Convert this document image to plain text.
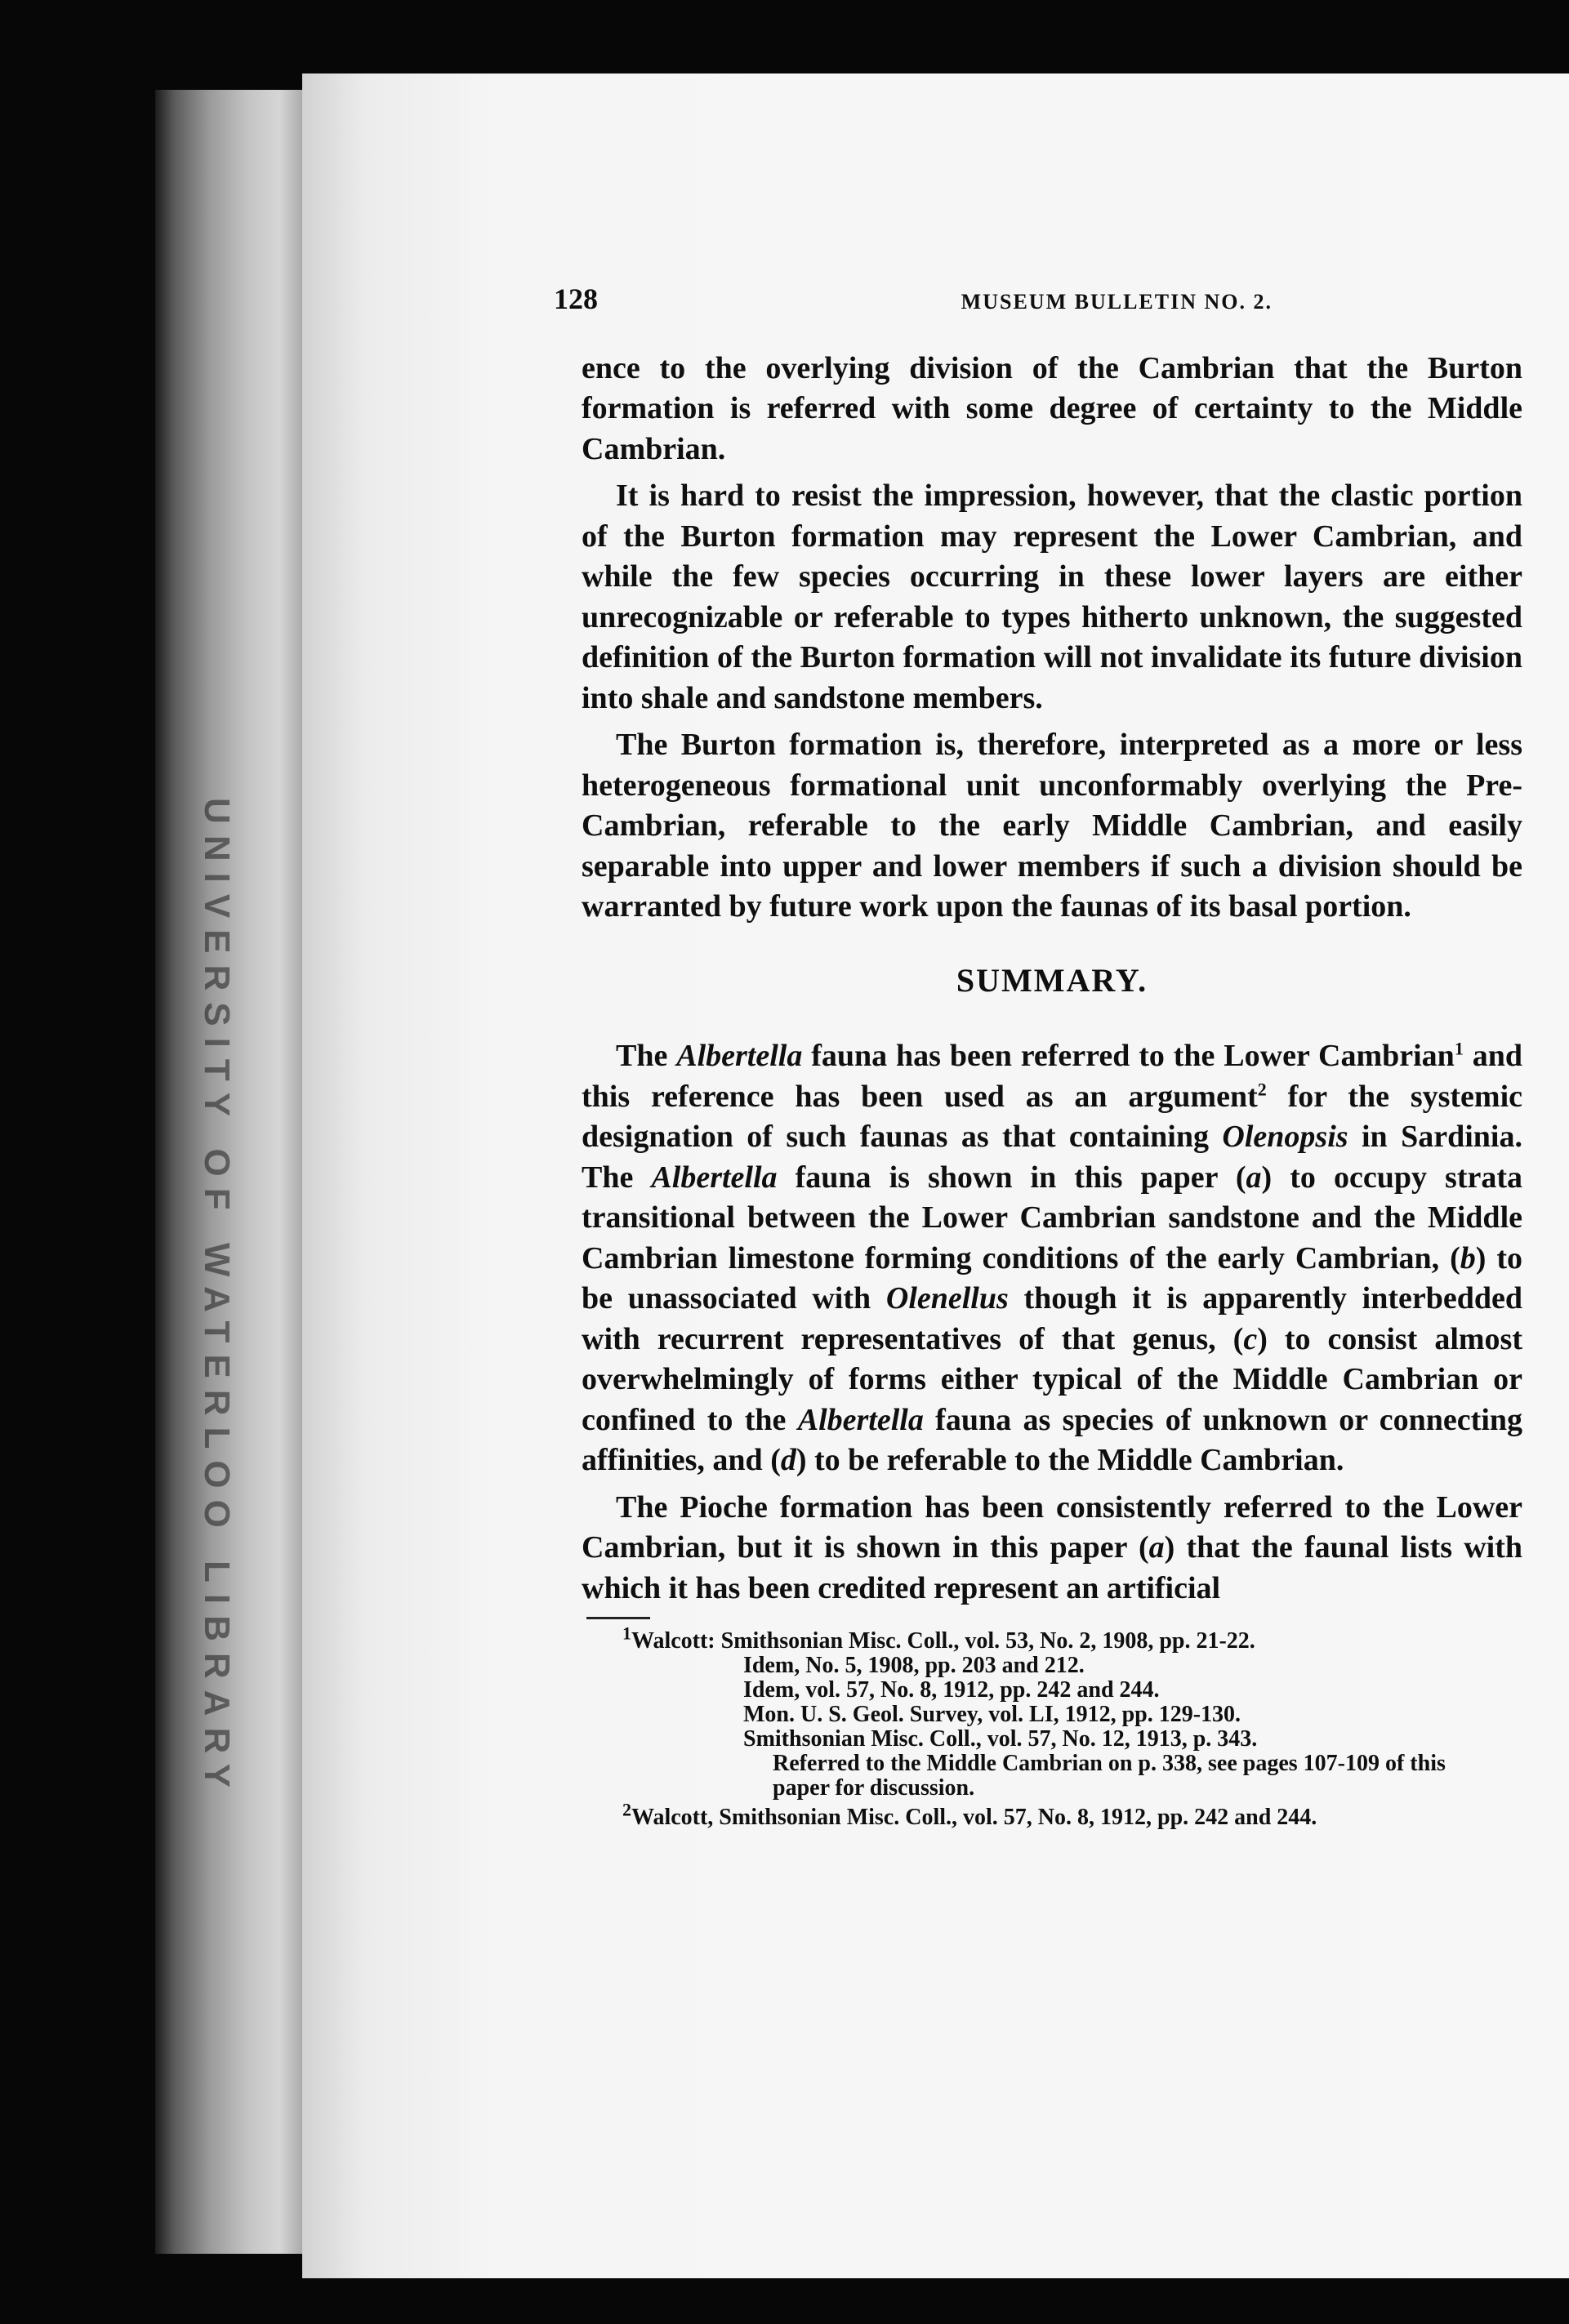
UNIVERSITY OF WATERLOO LIBRARY
128	MUSEUM BULLETIN NO. 2.

ence to the overlying division of the Cambrian that the Burton formation is referred with some degree of certainty to the Middle Cambrian.

It is hard to resist the impression, however, that the clastic portion of the Burton formation may represent the Lower Cambrian, and while the few species occurring in these lower layers are either unrecognizable or referable to types hitherto unknown, the suggested definition of the Burton formation will not invalidate its future division into shale and sandstone members.

The Burton formation is, therefore, interpreted as a more or less heterogeneous formational unit unconformably overlying the Pre-Cambrian, referable to the early Middle Cambrian, and easily separable into upper and lower members if such a division should be warranted by future work upon the faunas of its basal portion.

SUMMARY.

The Albertella fauna has been referred to the Lower Cambrian$^1$ and this reference has been used as an argument$^2$ for the systemic designation of such faunas as that containing Olenopsis in Sardinia. The Albertella fauna is shown in this paper (a) to occupy strata transitional between the Lower Cambrian sandstone and the Middle Cambrian limestone forming conditions of the early Cambrian, (b) to be unassociated with Olenellus though it is apparently interbedded with recurrent representatives of that genus, (c) to consist almost overwhelmingly of forms either typical of the Middle Cambrian or confined to the Albertella fauna as species of unknown or connecting affinities, and (d) to be referable to the Middle Cambrian.

The Pioche formation has been consistently referred to the Lower Cambrian, but it is shown in this paper (a) that the faunal lists with which it has been credited represent an artificial

$^1$Walcott: Smithsonian Misc. Coll., vol. 53, No. 2, 1908, pp. 21-22.
Idem, No. 5, 1908, pp. 203 and 212.
Idem, vol. 57, No. 8, 1912, pp. 242 and 244.
Mon. U. S. Geol. Survey, vol. LI, 1912, pp. 129-130.
Smithsonian Misc. Coll., vol. 57, No. 12, 1913, p. 343.
Referred to the Middle Cambrian on p. 338, see pages 107-109 of this paper for discussion.
$^2$Walcott, Smithsonian Misc. Coll., vol. 57, No. 8, 1912, pp. 242 and 244.
